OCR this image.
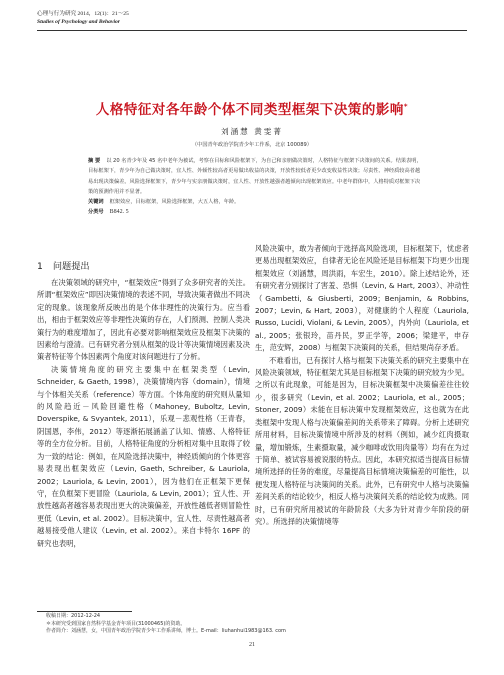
心理与行为研究 2014，12(1)：21～25
Studies of Psychology and Behavior
人格特征对各年龄个体不同类型框架下决策的影响*
刘涵慧 黄雯菁
（中国青年政治学院青少年工作系，北京 100089）

摘 要 以 20 名青少年及 45 名中老年为被试，考察在目标和风险框架下，为自己和亲朋做决策时，人格特征与框架下决策间的关系。结果表明，目标框架下，青少年为自己做决策时，宜人性、外倾性较高者更易做出收益的决策，开放性较低者更少改变收益性决策；尽责性、神经质较高者越易出现决策偏差。风险选择框架下，青少年与实亲朋做决策时，宜人性、开放性越强者越倾向出现框架效应。中老年群体中，人格特质对框架下决策的预测作用并不显著。

关键词 框架效应，目标框架，风险选择框架，大五人格，年龄。

分类号 B842. 5

1 问题提出

在决策领域的研究中，“框架效应”得到了众多研究者的关注。所谓“框架效应”即因决策情境的表述不同，导致决策者做出不同决定的现象。该现象所反映出的是个体非理性的决策行为。应当看出，相由于框架效应等非理性决策的存在，人们预测、控制人类决策行为的难度增加了，因此有必要对影响框架效应及框架下决策的因素给与澄清。已有研究者分别从框架的设计等决策情境因素及决策者特征等个体因素两个角度对该问题进行了分析。

决策情境角度的研究主要集中在框架类型（Levin, Schneider, & Gaeth, 1998），决策情境内容（domain），情境与个体相关关系（reference）等方面。个体角度的研究则从量知的风险趋近－风险回避性格（Mahoney, Buboltz, Levin, Doverspike, & Svyantek, 2011），乐观－悲观性格（王青春，阴国恩，李伟，2012）等逐渐拓展涵盖了认知、情感、人格特征等的全方位分析。目前，人格特征角度的分析相对集中且取得了较为一致的结论：例如，在风险选择决策中，神经质倾向的个体更容易表现出框架效应（Levin, Gaeth, Schreiber, & Lauriola, 2002；Lauriola, & Levin, 2001），因为他们在正框架下更保守，在负框架下更冒险（Lauriola, & Levin, 2001）；宜人性、开放性越高者越容易表现出更大的决策偏差，开放性越低者则冒险性更低（Levin, et al. 2002）。目标决策中，宜人性、尽责性越高者越易接受他人建议（Levin, et al. 2002）。来自卡特尔 16PF 的研究也表明，

风险决策中，敢为者倾向于选择高风险选项，目标框架下，忧虑者更易出现框架效应，自律者无论在风险还是目标框架下均更少出现框架效应（刘涵慧，周洪雨，车宏生，2010）。除上述结论外，还有研究者分别探讨了害羞、恐惧（Levin, & Hart, 2003）、冲动性（Gambetti, & Giusberti, 2009；Benjamin, & Robbins, 2007；Levin, & Hart, 2003），对健康的个人程度（Lauriola, Russo, Lucidi, Violani, & Levin, 2005），内外向（Lauriola, et al., 2005；张银玲，苗丹民，罗正学等，2006；梁建平，申存生，范安辉，2008）与框架下决策间的关系，但结果尚存矛盾。

不难看出，已有探讨人格与框架下决策关系的研究主要集中在风险决策领域，特征框架尤其是目标框架下决策的研究较为少见。之所以有此现象，可能是因为，目标决策框架中决策偏差往往较少，很多研究（Levin, et al. 2002；Lauriola, et al., 2005；Stoner, 2009）未能在目标决策中发现框架效应，这也就为在此类框架中发现人格与决策偏差间的关系带来了障碍。分析上述研究所用材料，目标决策情境中所涉及的材料（例如，减少红肉摄取量，增加锻炼，生素摄取量，减少咖啡或饮用肉量等）均有在为过于简单、被试容易被说服的特点。因此，本研究拟适当提高目标情境所选择的任务的难度，尽量提高目标情境决策偏差的可能性，以便发现人格特征与决策间的关系。此外，已有研究中人格与决策偏差间关系的结论较少，相反人格与决策间关系的结论较为成熟。同时，已有研究所用被试的年龄阶段（大多为针对青少年阶段的研究）。所选择的决策情境等

收稿日期：2012-12-24
＊本研究受到国家自然科学基金青年项目(31000465)的资助。
作者简介：刘涵慧，女，中国青年政治学院青少年工作系讲师，博士。E-mail：liuhanhui1983@163. com
21
